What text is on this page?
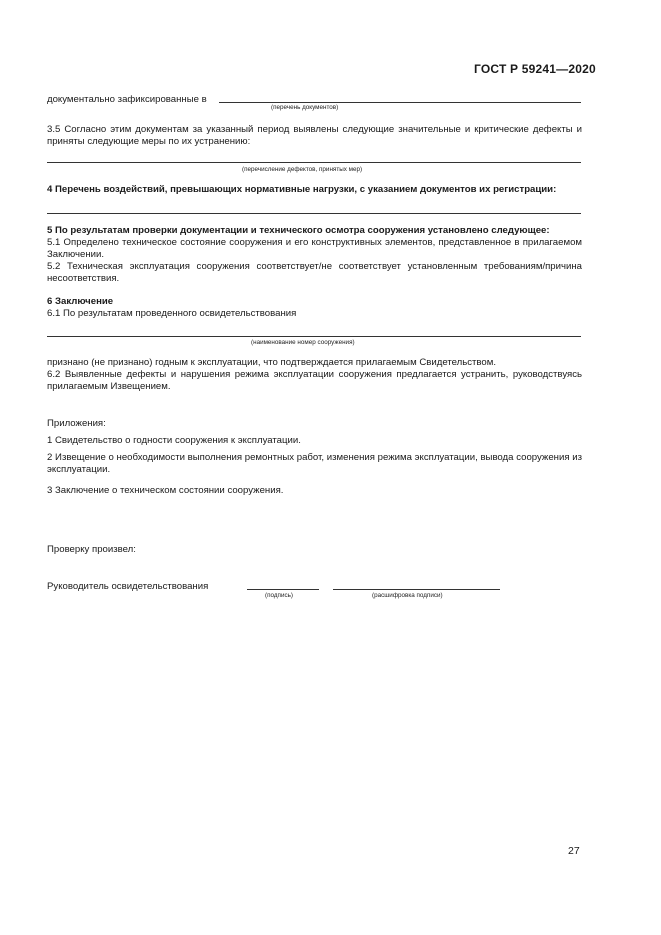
ГОСТ Р 59241—2020
документально зафиксированные в
(перечень документов)
3.5 Согласно этим документам за указанный период выявлены следующие значительные и критические дефекты и приняты следующие меры по их устранению:
(перечисление дефектов, принятых мер)
4 Перечень воздействий, превышающих нормативные нагрузки, с указанием документов их регистрации:
5 По результатам проверки документации и технического осмотра сооружения установлено следующее:
5.1 Определено техническое состояние сооружения и его конструктивных элементов, представленное в прилагаемом Заключении.
5.2 Техническая эксплуатация сооружения соответствует/не соответствует установленным требованиям/причина несоответствия.
6 Заключение
6.1 По результатам проведенного освидетельствования
(наименование номер сооружения)
признано (не признано) годным к эксплуатации, что подтверждается прилагаемым Свидетельством.
6.2 Выявленные дефекты и нарушения режима эксплуатации сооружения предлагается устранить, руководствуясь прилагаемым Извещением.
Приложения:
1 Свидетельство о годности сооружения к эксплуатации.
2 Извещение о необходимости выполнения ремонтных работ, изменения режима эксплуатации, вывода сооружения из эксплуатации.
3 Заключение о техническом состоянии сооружения.
Проверку произвел:
Руководитель освидетельствования
(подпись)	(расшифровка подписи)
27
